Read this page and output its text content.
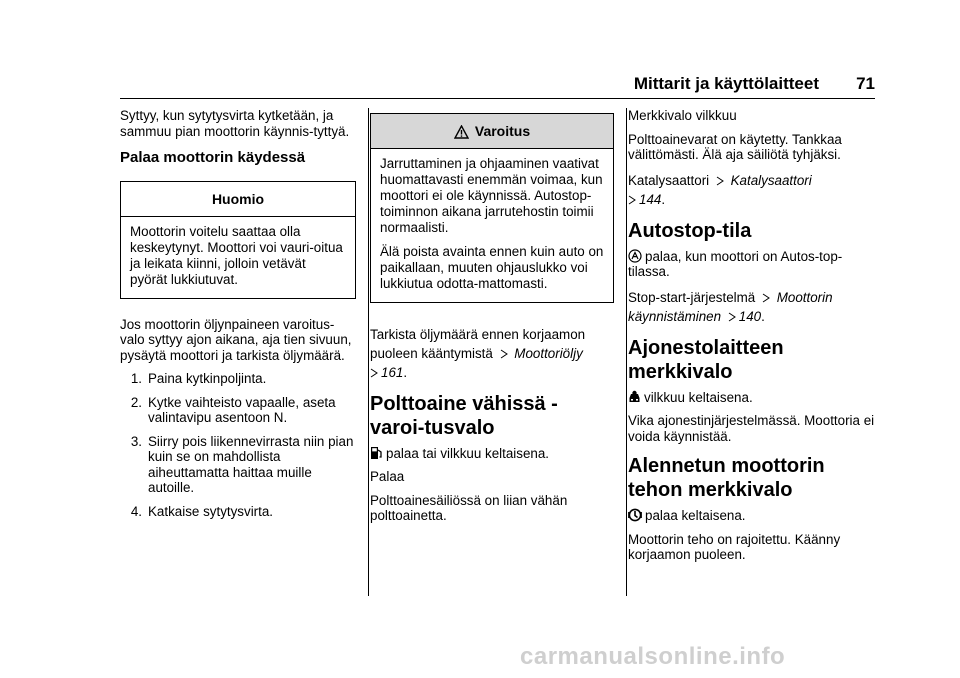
Mittarit ja käyttölaitteet 71

Syttyy, kun sytytysvirta kytketään, ja sammuu pian moottorin käynnis-tyttyä.

Palaa moottorin käydessä
Huomio

Moottorin voitelu saattaa olla keskeytynyt. Moottori voi vauri-oitua ja leikata kiinni, jolloin vetävät pyörät lukkiutuvat.

Jos moottorin öljynpaineen varoitus-valo syttyy ajon aikana, aja tien sivuun, pysäytä moottori ja tarkista öljymäärä.

1. Paina kytkinpoljinta.
2. Kytke vaihteisto vapaalle, aseta valintavipu asentoon N.
3. Siirry pois liikennevirrasta niin pian kuin se on mahdollista aiheuttamatta haittaa muille autoille.
4. Katkaise sytytysvirta.
Varoitus

Jarruttaminen ja ohjaaminen vaativat huomattavasti enemmän voimaa, kun moottori ei ole käynnissä. Autostop-toiminnon aikana jarrutehostin toimii normaalisti.

Älä poista avainta ennen kuin auto on paikallaan, muuten ohjauslukko voi lukkiutua odotta-mattomasti.

Tarkista öljymäärä ennen korjaamon puoleen kääntymistä Moottoriöljy
161.

Polttoaine vähissä -varoi-tusvalo

palaa tai vilkkuu keltaisena.

Palaa

Polttoainesäiliössä on liian vähän polttoainetta.

Merkkivalo vilkkuu

Polttoainevarat on käytetty. Tankkaa välittömästi. Älä aja säiliötä tyhjäksi.

Katalysaattori Katalysaattori
144.

Autostop-tila

palaa, kun moottori on Autos-top-tilassa.

Stop-start-järjestelmä Moottorin käynnistäminen 140.

Ajonestolaitteen merkkivalo

vilkkuu keltaisena.

Vika ajonestinjärjestelmässä. Moottoria ei voida käynnistää.

Alennetun moottorin tehon merkkivalo

palaa keltaisena.

Moottorin teho on rajoitettu. Käänny korjaamon puoleen.

carmanualsonline.info
